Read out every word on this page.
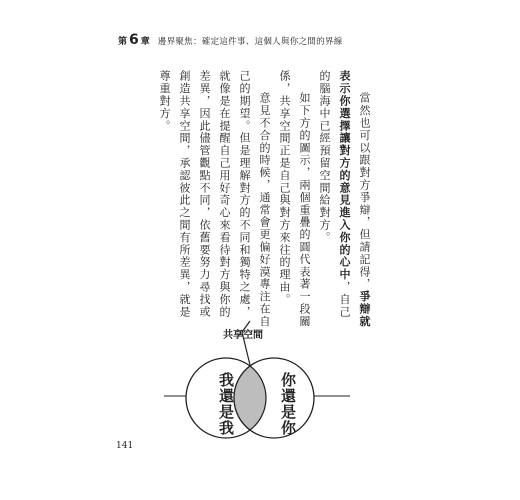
第 6 章 邊界聚焦：確定這件事、這個人與你之間的界線

當然也可以跟對方爭辯，但請記得，爭辯就表示你選擇讓對方的意見進入你的心中，自己的腦海中已經預留空間給對方。

如下方的圖示，兩個重疊的圓代表著一段關係，共享空間正是自己與對方來往的理由。

意見不合的時候，通常會更偏好漠專注在自己的期望。但是理解對方的不同和獨特之處，就像是在提醒自己用好奇心來看待對方與你的差異，因此儘管觀點不同，依舊要努力尋找或創造共享空間，承認彼此之間有所差異，就是尊重對方。

共享空間
我還是我	你還是你
141
